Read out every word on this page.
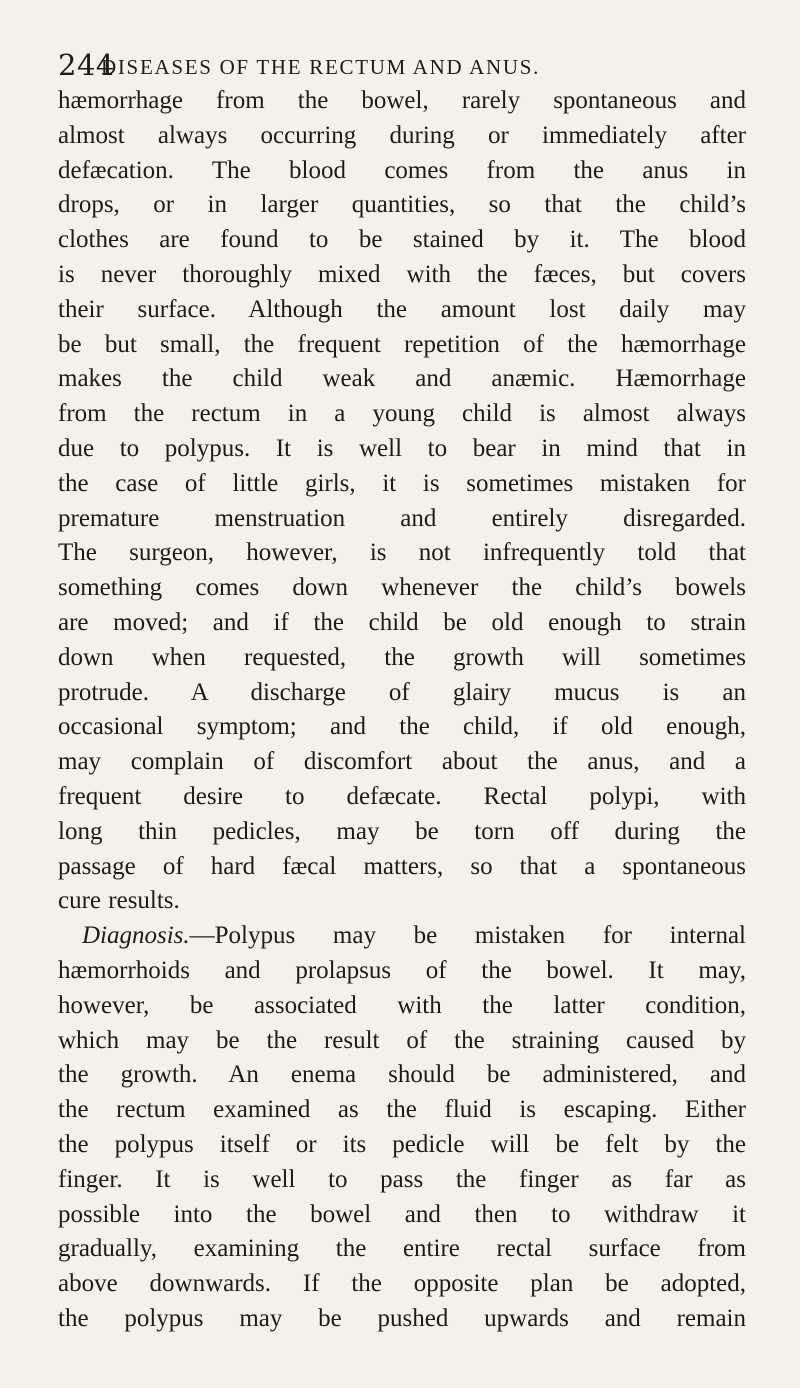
244
DISEASES OF THE RECTUM AND ANUS.
hæmorrhage from the bowel, rarely spontaneous and
almost always occurring during or immediately after
defæcation. The blood comes from the anus in
drops, or in larger quantities, so that the child’s
clothes are found to be stained by it. The blood
is never thoroughly mixed with the fæces, but covers
their surface. Although the amount lost daily may
be but small, the frequent repetition of the hæmorrhage
makes the child weak and anæmic. Hæmorrhage
from the rectum in a young child is almost always
due to polypus. It is well to bear in mind that in
the case of little girls, it is sometimes mistaken for
premature menstruation and entirely disregarded.
The surgeon, however, is not infrequently told that
something comes down whenever the child’s bowels
are moved; and if the child be old enough to strain
down when requested, the growth will sometimes
protrude. A discharge of glairy mucus is an
occasional symptom; and the child, if old enough,
may complain of discomfort about the anus, and a
frequent desire to defæcate. Rectal polypi, with
long thin pedicles, may be torn off during the
passage of hard fæcal matters, so that a spontaneous
cure results.
Diagnosis.—Polypus may be mistaken for internal
hæmorrhoids and prolapsus of the bowel. It may,
however, be associated with the latter condition,
which may be the result of the straining caused by
the growth. An enema should be administered, and
the rectum examined as the fluid is escaping. Either
the polypus itself or its pedicle will be felt by the
finger. It is well to pass the finger as far as
possible into the bowel and then to withdraw it
gradually, examining the entire rectal surface from
above downwards. If the opposite plan be adopted,
the polypus may be pushed upwards and remain
